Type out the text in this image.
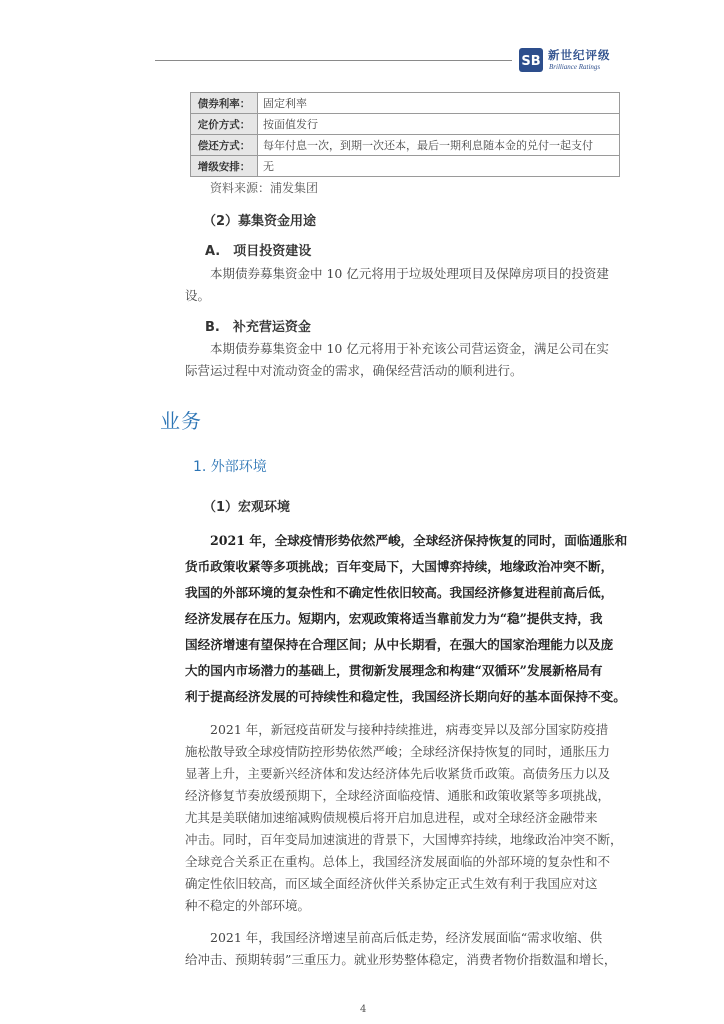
SB 新世纪评级
Brilliance Ratings
债券利率：	固定利率
定价方式：	按面值发行
偿还方式：	每年付息一次，到期一次还本，最后一期利息随本金的兑付一起支付
增级安排：	无
资料来源：浦发集团
（2）募集资金用途
A.　项目投资建设
本期债券募集资金中 10 亿元将用于垃圾处理项目及保障房项目的投资建
设。
B.　补充营运资金
本期债券募集资金中 10 亿元将用于补充该公司营运资金，满足公司在实
际营运过程中对流动资金的需求，确保经营活动的顺利进行。
业务
1. 外部环境
（1）宏观环境
2021 年，全球疫情形势依然严峻，全球经济保持恢复的同时，面临通胀和
货币政策收紧等多项挑战；百年变局下，大国博弈持续，地缘政治冲突不断，
我国的外部环境的复杂性和不确定性依旧较高。我国经济修复进程前高后低，
经济发展存在压力。短期内，宏观政策将适当靠前发力为“稳”提供支持，我
国经济增速有望保持在合理区间；从中长期看，在强大的国家治理能力以及庞
大的国内市场潜力的基础上，贯彻新发展理念和构建“双循环”发展新格局有
利于提高经济发展的可持续性和稳定性，我国经济长期向好的基本面保持不变。
2021 年，新冠疫苗研发与接种持续推进，病毒变异以及部分国家防疫措
施松散导致全球疫情防控形势依然严峻；全球经济保持恢复的同时，通胀压力
显著上升，主要新兴经济体和发达经济体先后收紧货币政策。高债务压力以及
经济修复节奏放缓预期下，全球经济面临疫情、通胀和政策收紧等多项挑战，
尤其是美联储加速缩减购债规模后将开启加息进程，或对全球经济金融带来
冲击。同时，百年变局加速演进的背景下，大国博弈持续，地缘政治冲突不断，
全球竞合关系正在重构。总体上，我国经济发展面临的外部环境的复杂性和不
确定性依旧较高，而区域全面经济伙伴关系协定正式生效有利于我国应对这
种不稳定的外部环境。
2021 年，我国经济增速呈前高后低走势，经济发展面临“需求收缩、供
给冲击、预期转弱”三重压力。就业形势整体稳定，消费者物价指数温和增长，
4
